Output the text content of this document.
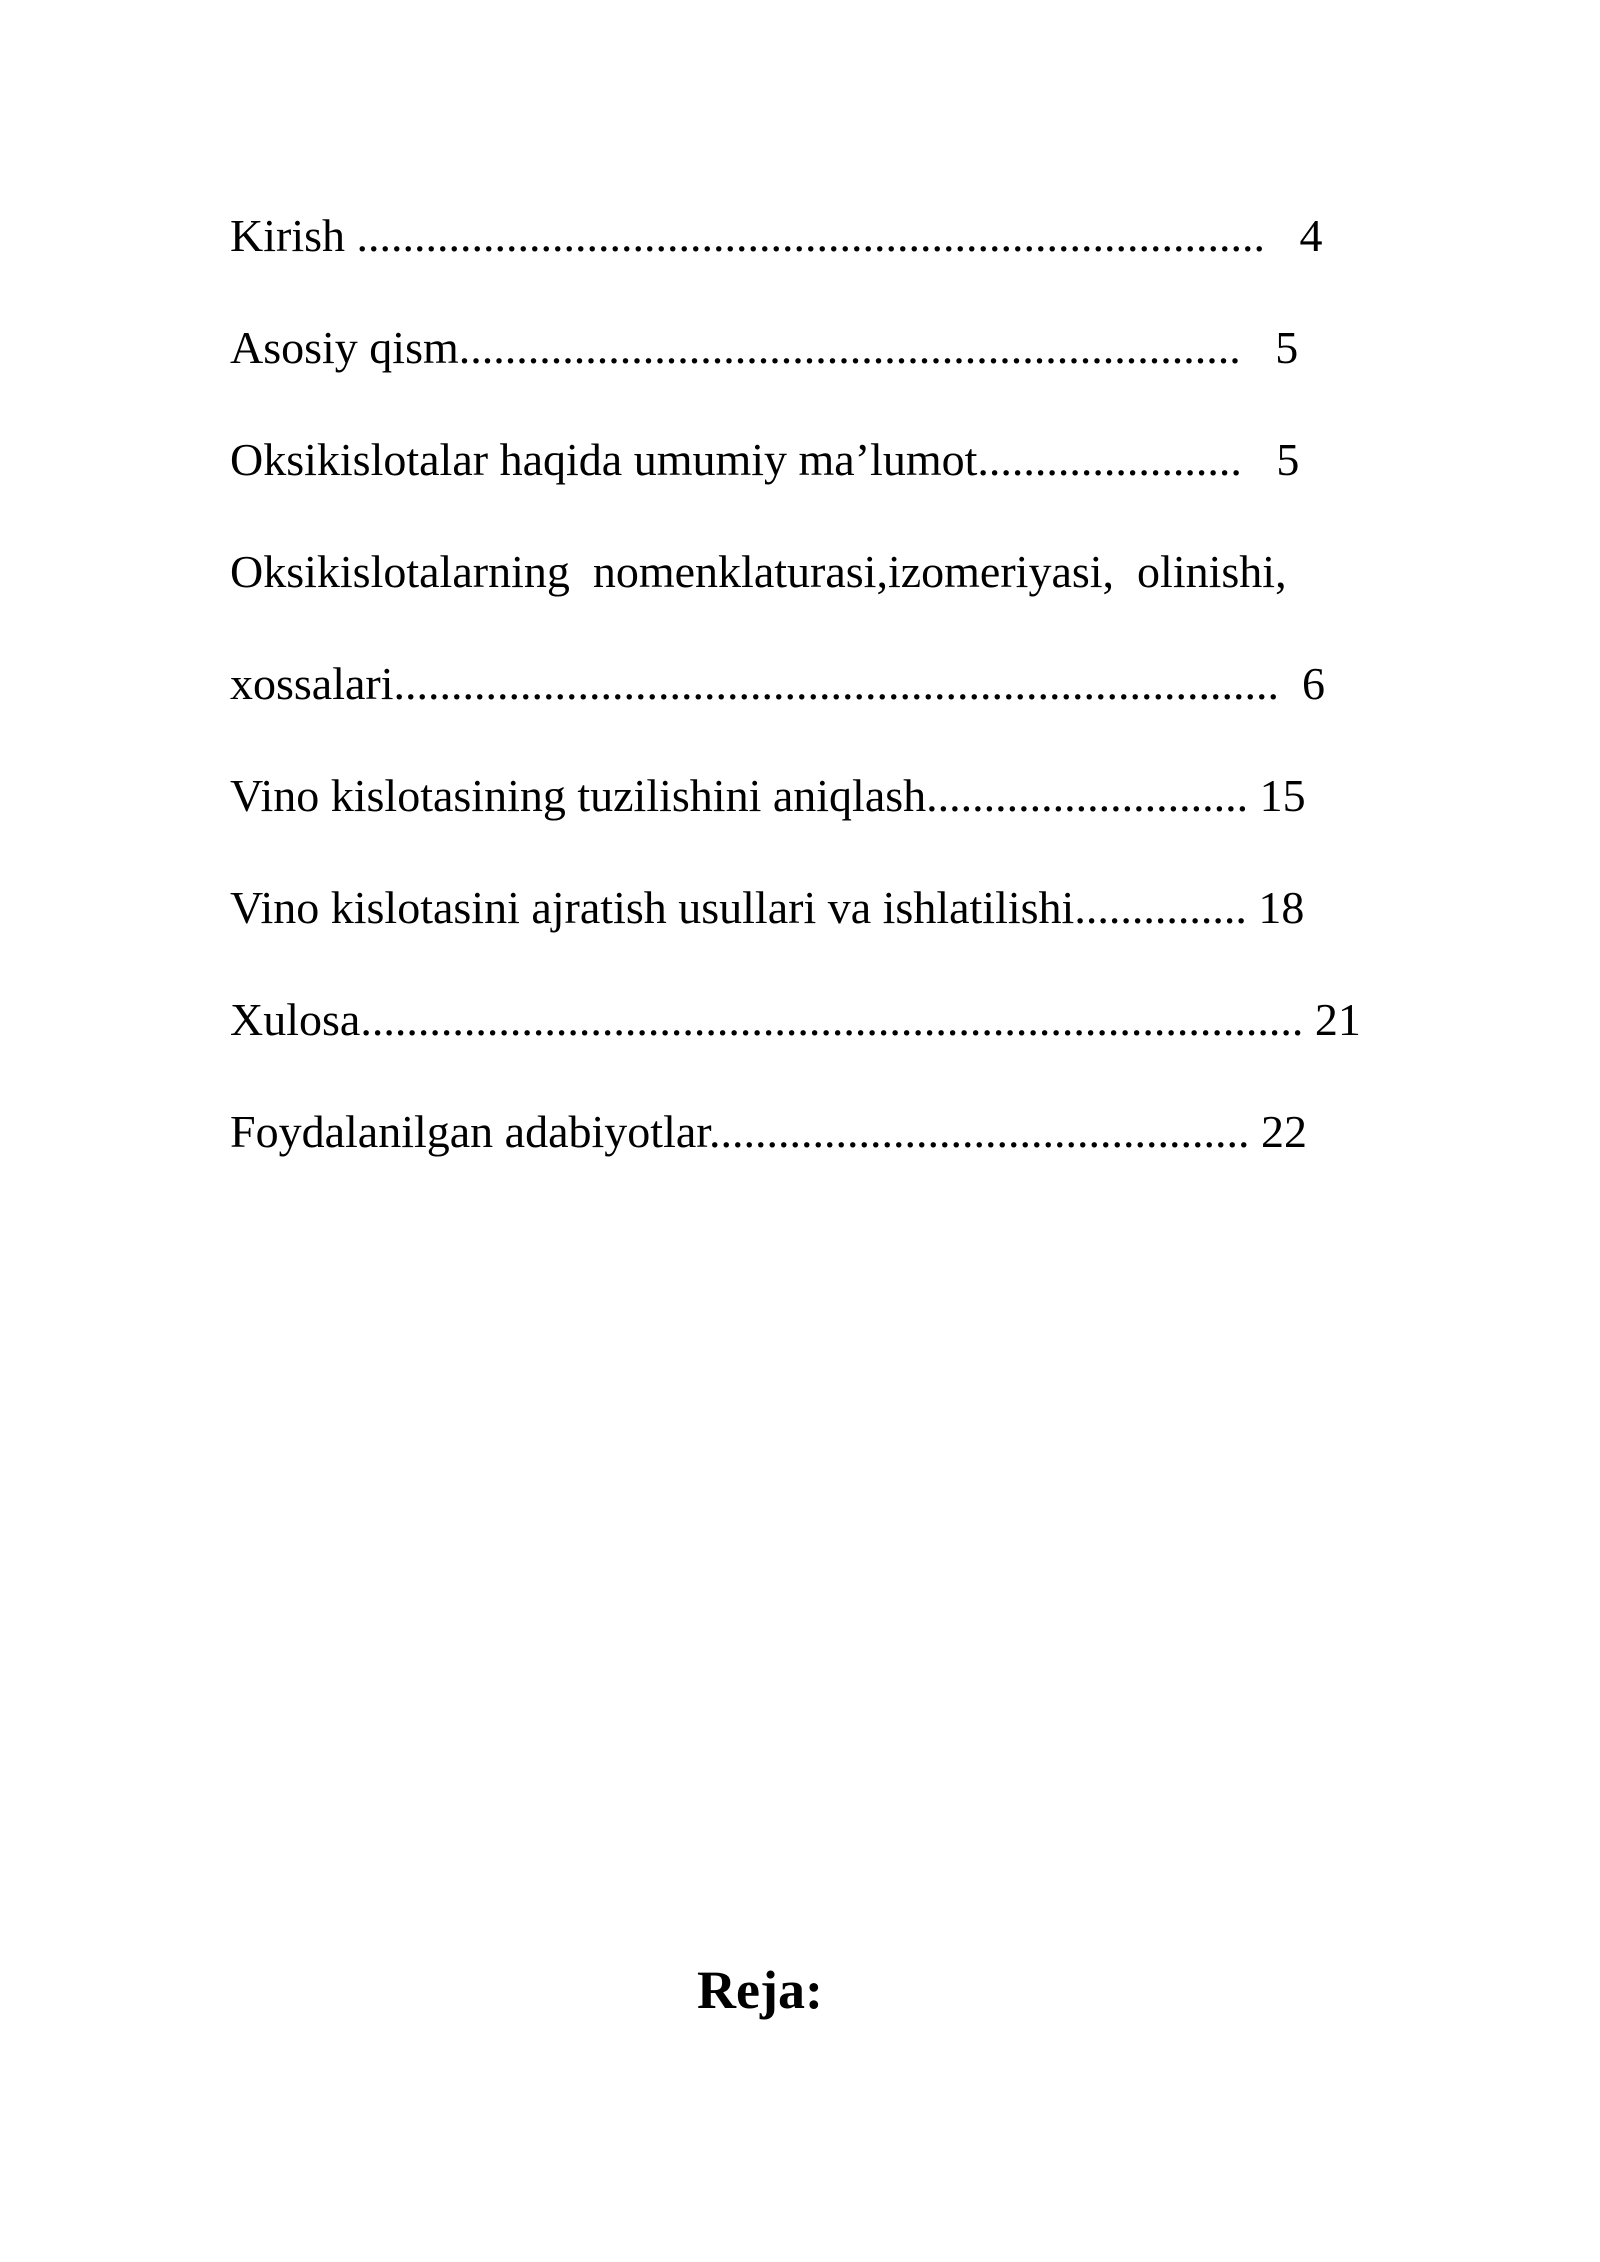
Kirish ...............................................................................   4
Asosiy qism....................................................................   5
Oksikislotalar haqida umumiy ma’lumot.......................   5
Oksikislotalarning  nomenklaturasi,izomeriyasi,  olinishi,
xossalari.............................................................................  6
Vino kislotasining tuzilishini aniqlash............................ 15
Vino kislotasini ajratish usullari va ishlatilishi............... 18
Xulosa.................................................................................. 21
Foydalanilgan adabiyotlar............................................... 22
Reja:
